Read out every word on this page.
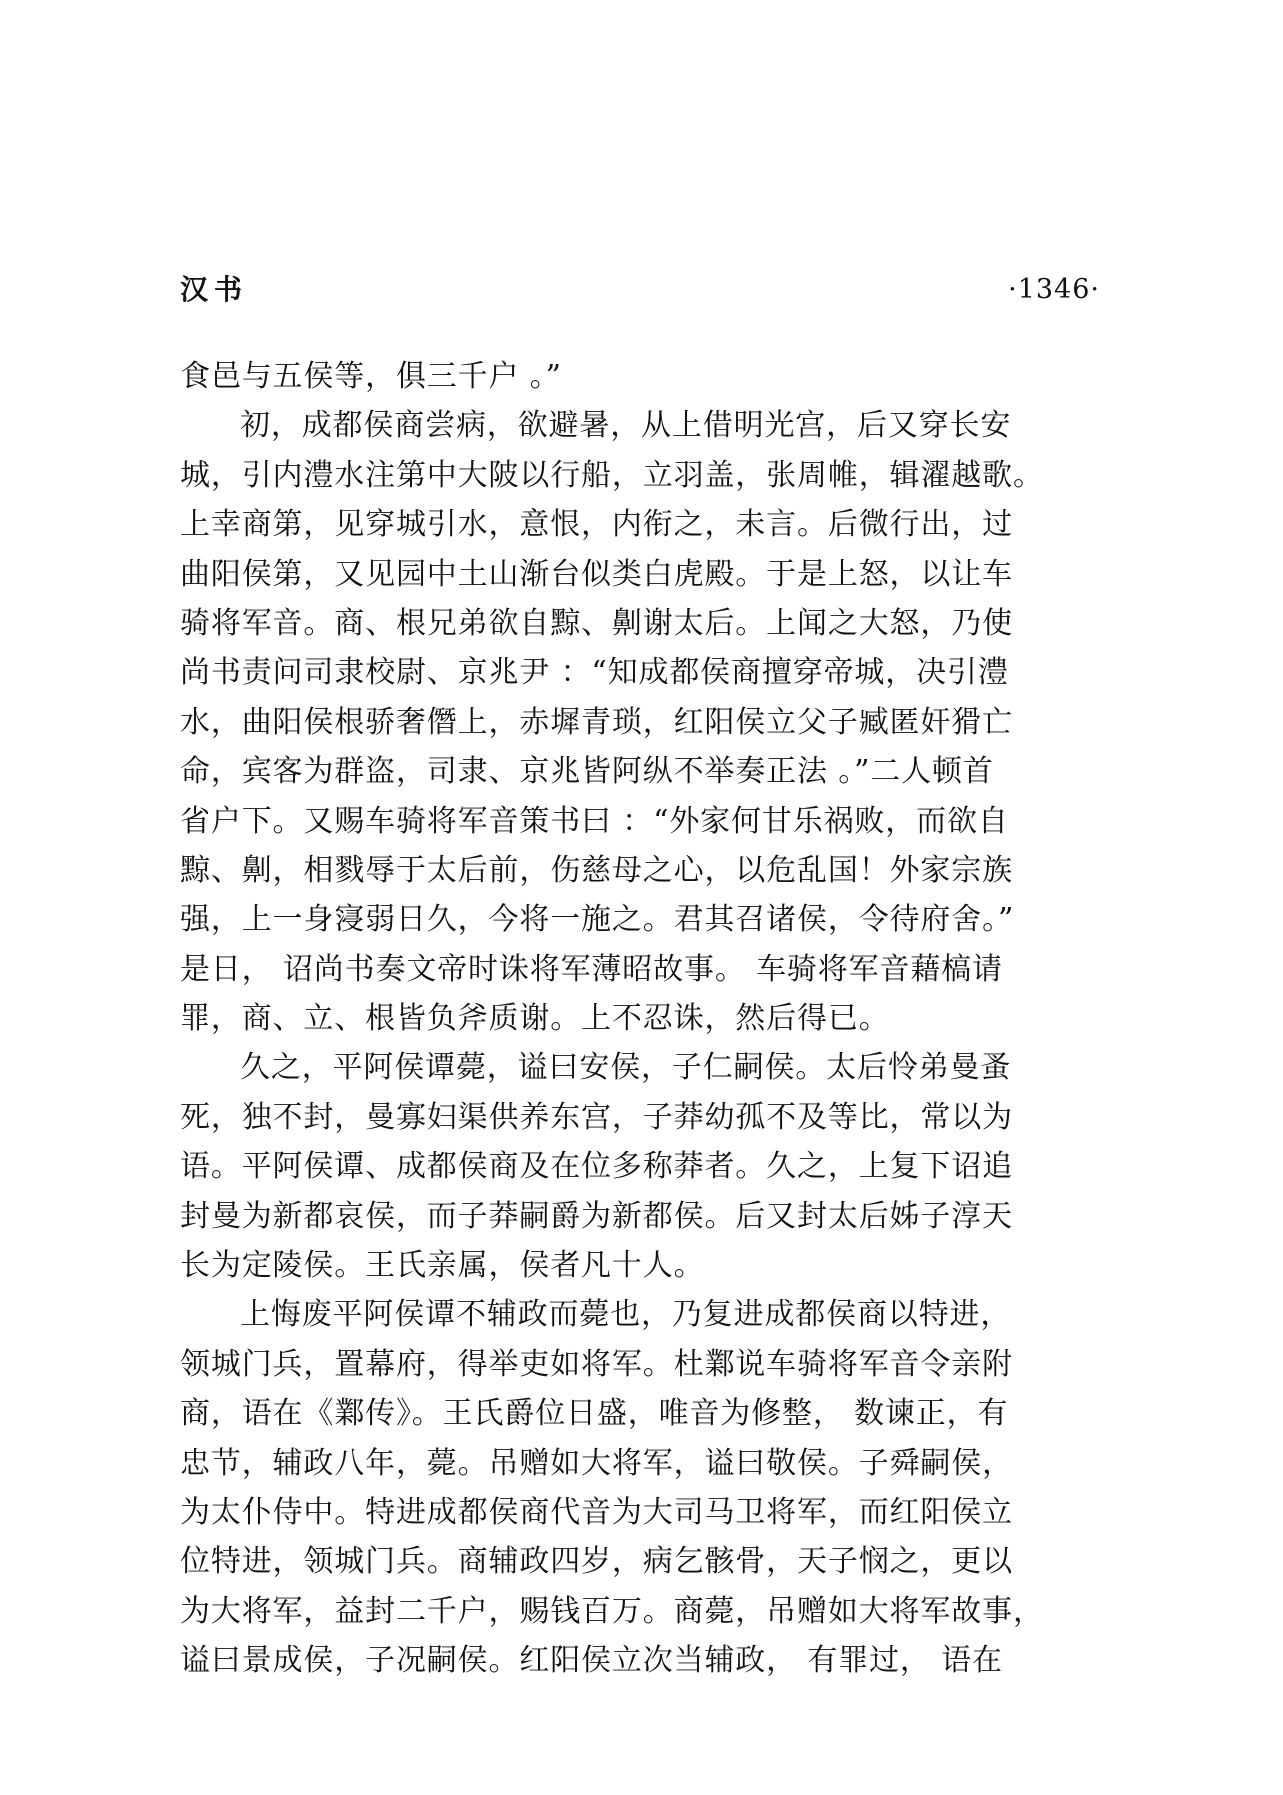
汉书	·1346·
食邑与五侯等，俱三千户 。”
初，成都侯商尝病，欲避暑，从上借明光宫，后又穿长安
城，引内澧水注第中大陂以行船，立羽盖，张周帷，辑濯越歌。
上幸商第，见穿城引水，意恨，内衔之，未言。后微行出，过
曲阳侯第，又见园中土山渐台似类白虎殿。于是上怒，以让车
骑将军音。商、根兄弟欲自黥、劓谢太后。上闻之大怒，乃使
尚书责问司隶校尉、京兆尹 ：“知成都侯商擅穿帝城，决引澧
水，曲阳侯根骄奢僭上，赤墀青琐，红阳侯立父子臧匿奸猾亡
命，宾客为群盗，司隶、京兆皆阿纵不举奏正法 。”二人顿首
省户下。又赐车骑将军音策书曰 ：“外家何甘乐祸败，而欲自
黥、劓，相戮辱于太后前，伤慈母之心，以危乱国！外家宗族
强，上一身寖弱日久，今将一施之。君其召诸侯，令待府舍。”
是日， 诏尚书奏文帝时诛将军薄昭故事。 车骑将军音藉槁请
罪，商、立、根皆负斧质谢。上不忍诛，然后得已。
久之，平阿侯谭薨，谥曰安侯，子仁嗣侯。太后怜弟曼蚤
死，独不封，曼寡妇渠供养东宫，子莽幼孤不及等比，常以为
语。平阿侯谭、成都侯商及在位多称莽者。久之，上复下诏追
封曼为新都哀侯，而子莽嗣爵为新都侯。后又封太后姊子淳天
长为定陵侯。王氏亲属，侯者凡十人。
上悔废平阿侯谭不辅政而薨也，乃复进成都侯商以特进，
领城门兵，置幕府，得举吏如将军。杜鄴说车骑将军音令亲附
商，语在《鄴传》。王氏爵位日盛，唯音为修整， 数谏正，有
忠节，辅政八年，薨。吊赠如大将军，谥曰敬侯。子舜嗣侯，
为太仆侍中。特进成都侯商代音为大司马卫将军，而红阳侯立
位特进，领城门兵。商辅政四岁，病乞骸骨，天子悯之，更以
为大将军，益封二千户，赐钱百万。商薨，吊赠如大将军故事，
谥曰景成侯，子况嗣侯。红阳侯立次当辅政， 有罪过， 语在
